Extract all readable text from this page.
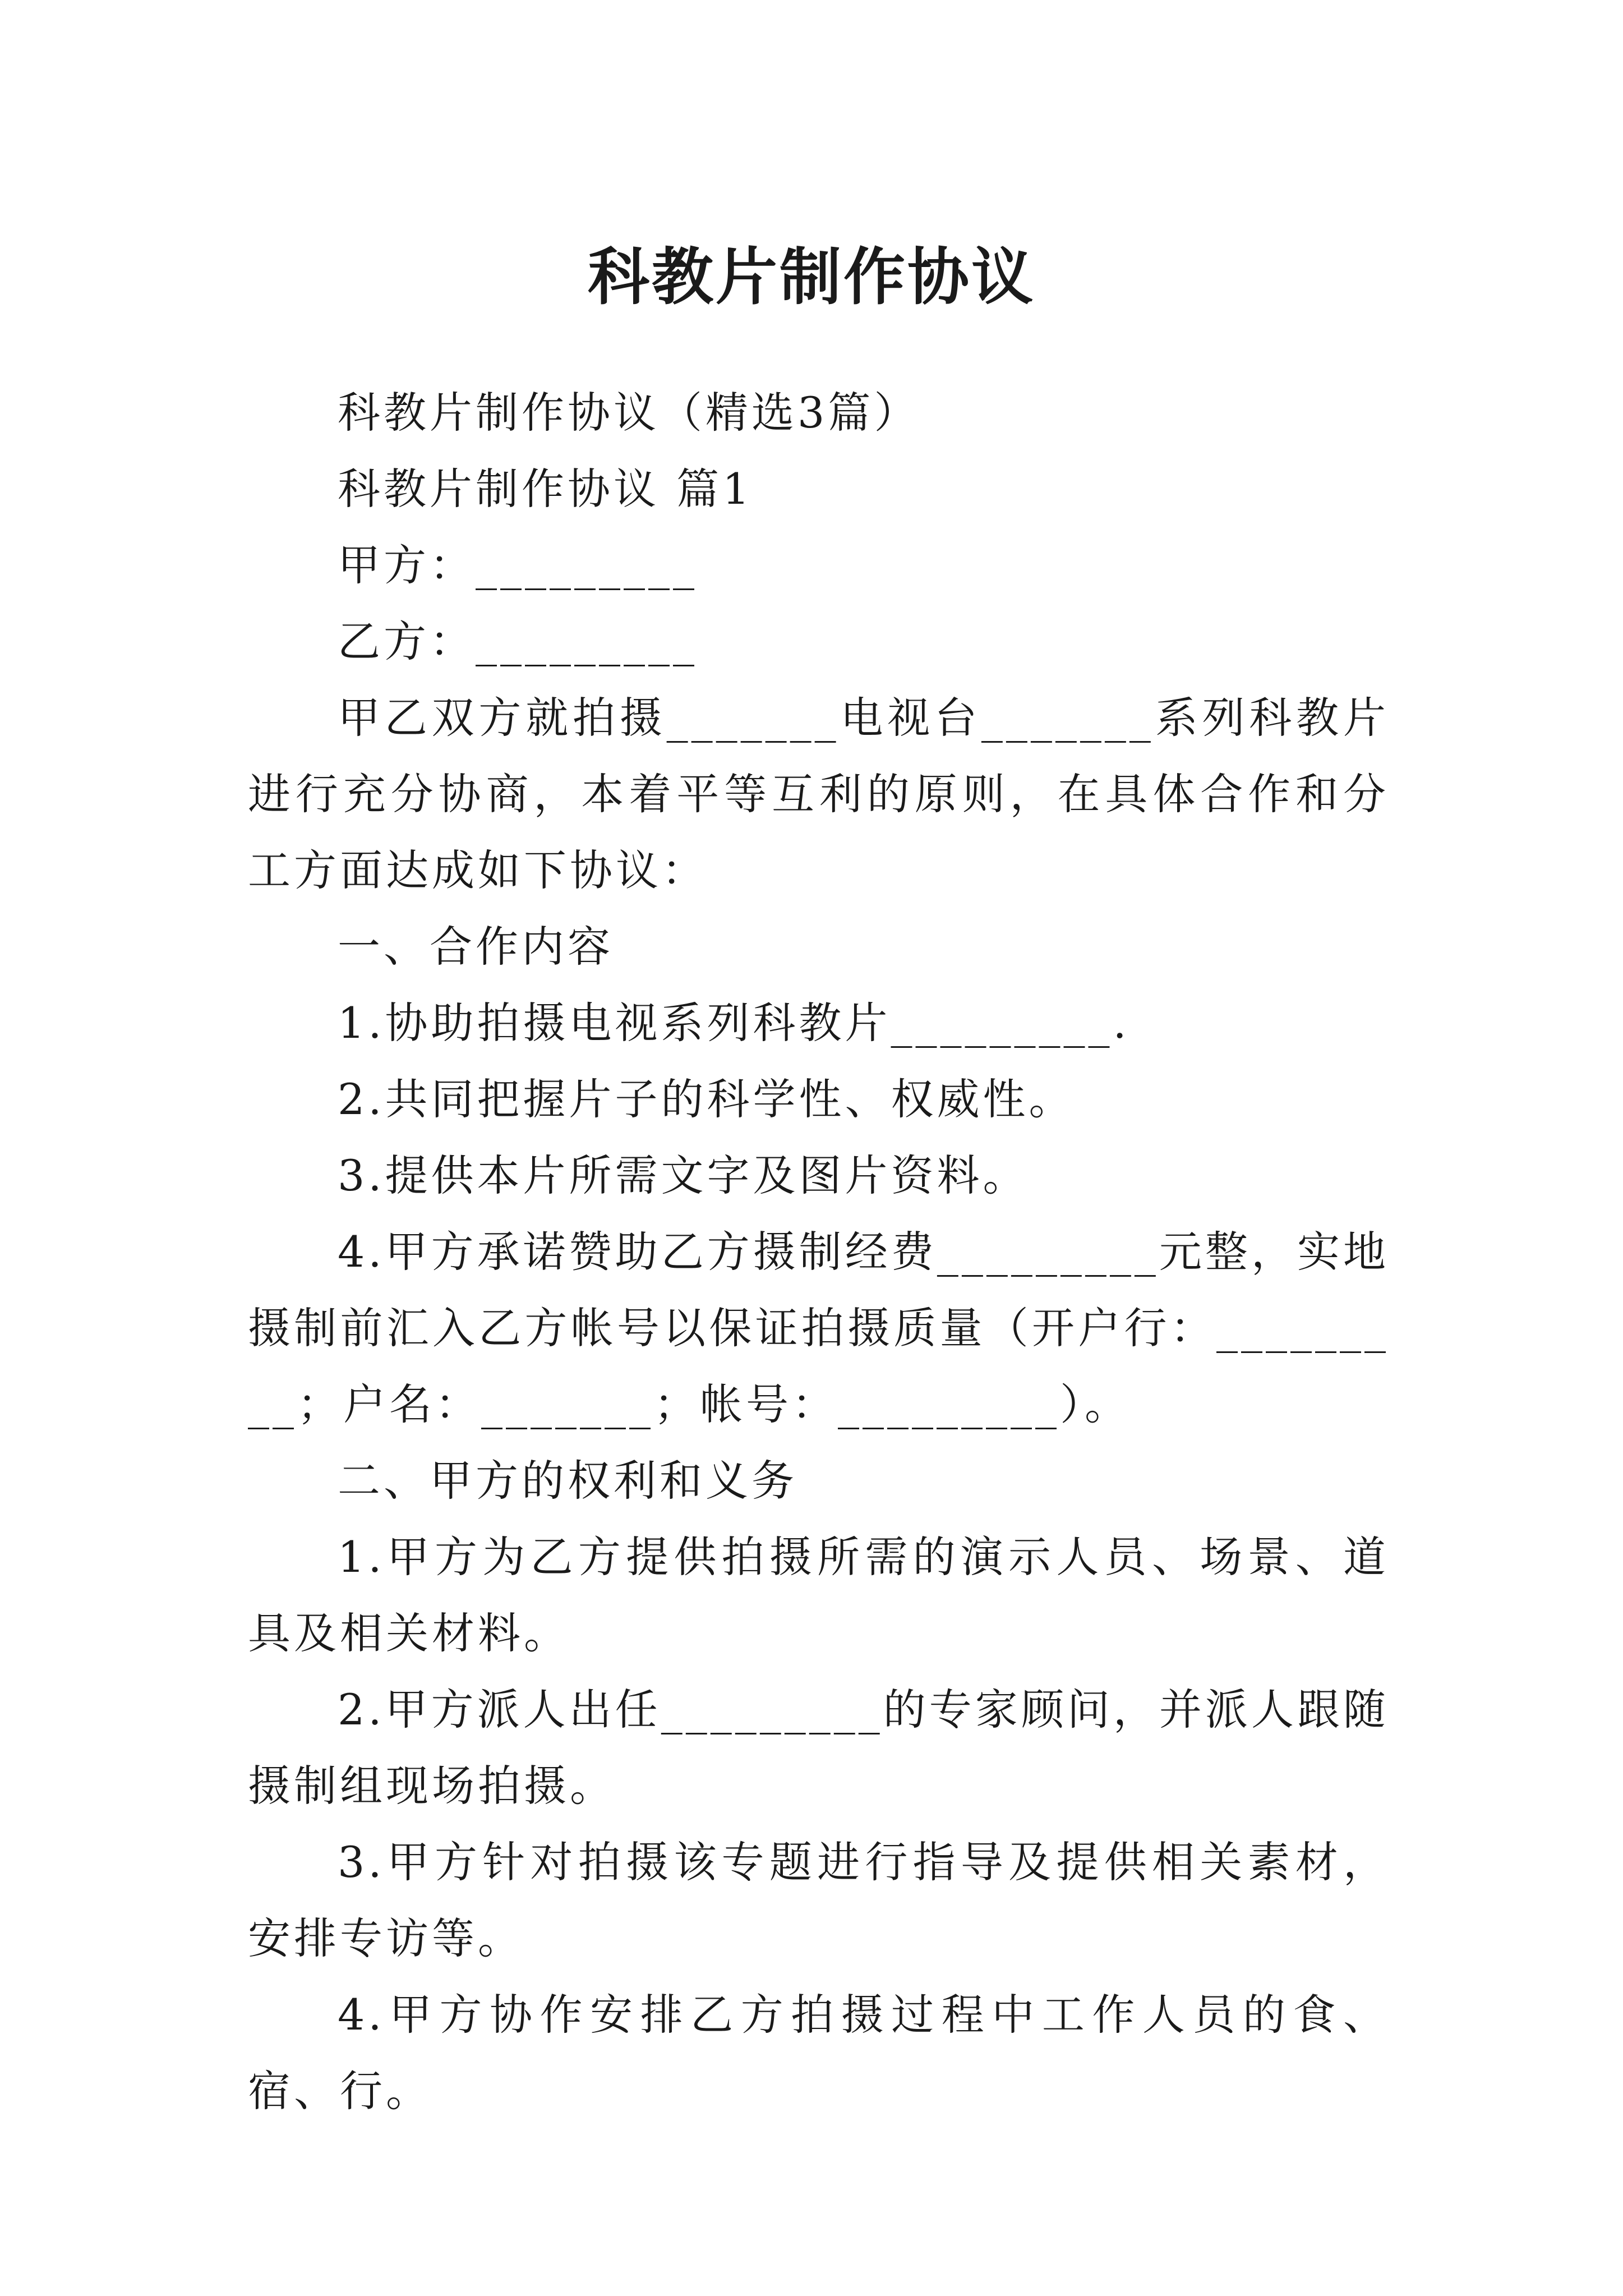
科教片制作协议

科教片制作协议（精选3篇）

科教片制作协议 篇1

甲方：_________

乙方：_________

甲乙双方就拍摄_______电视台_______系列科教片进行充分协商，本着平等互利的原则，在具体合作和分工方面达成如下协议：

一、合作内容

1.协助拍摄电视系列科教片_________.

2.共同把握片子的科学性、权威性。

3.提供本片所需文字及图片资料。

4.甲方承诺赞助乙方摄制经费_________元整，实地摄制前汇入乙方帐号以保证拍摄质量（开户行：_________；户名：_______；帐号：_________）。

二、甲方的权利和义务

1.甲方为乙方提供拍摄所需的演示人员、场景、道具及相关材料。

2.甲方派人出任_________的专家顾问，并派人跟随摄制组现场拍摄。

3.甲方针对拍摄该专题进行指导及提供相关素材，安排专访等。

4.甲方协作安排乙方拍摄过程中工作人员的食、宿、行。
